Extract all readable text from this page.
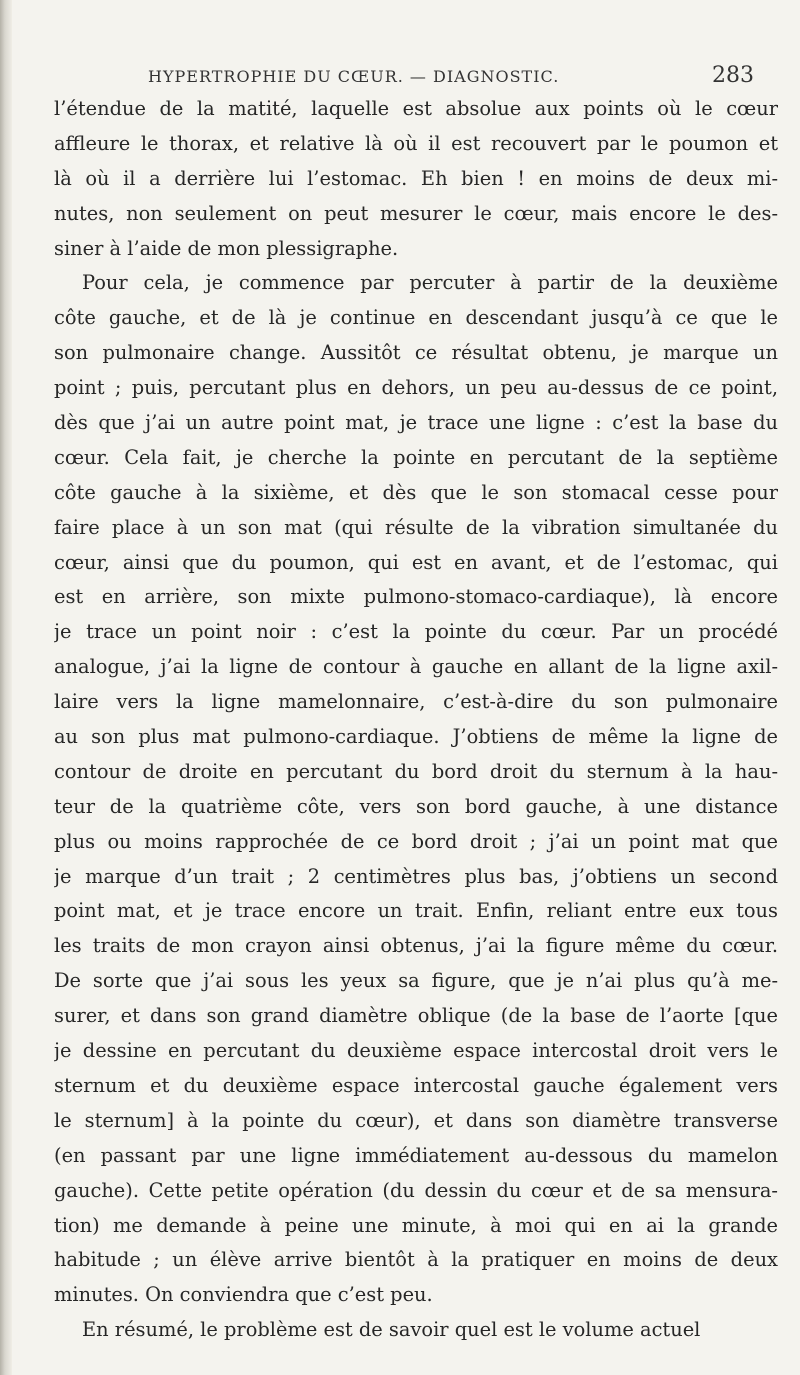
HYPERTROPHIE DU CŒUR. — DIAGNOSTIC.	283
l’étendue de la matité, laquelle est absolue aux points où le cœur
affleure le thorax, et relative là où il est recouvert par le poumon et
là où il a derrière lui l’estomac. Eh bien ! en moins de deux mi-
nutes, non seulement on peut mesurer le cœur, mais encore le des-
siner à l’aide de mon plessigraphe.
Pour cela, je commence par percuter à partir de la deuxième
côte gauche, et de là je continue en descendant jusqu’à ce que le
son pulmonaire change. Aussitôt ce résultat obtenu, je marque un
point ; puis, percutant plus en dehors, un peu au-dessus de ce point,
dès que j’ai un autre point mat, je trace une ligne : c’est la base du
cœur. Cela fait, je cherche la pointe en percutant de la septième
côte gauche à la sixième, et dès que le son stomacal cesse pour
faire place à un son mat (qui résulte de la vibration simultanée du
cœur, ainsi que du poumon, qui est en avant, et de l’estomac, qui
est en arrière, son mixte pulmono-stomaco-cardiaque), là encore
je trace un point noir : c’est la pointe du cœur. Par un procédé
analogue, j’ai la ligne de contour à gauche en allant de la ligne axil-
laire vers la ligne mamelonnaire, c’est-à-dire du son pulmonaire
au son plus mat pulmono-cardiaque. J’obtiens de même la ligne de
contour de droite en percutant du bord droit du sternum à la hau-
teur de la quatrième côte, vers son bord gauche, à une distance
plus ou moins rapprochée de ce bord droit ; j’ai un point mat que
je marque d’un trait ; 2 centimètres plus bas, j’obtiens un second
point mat, et je trace encore un trait. Enfin, reliant entre eux tous
les traits de mon crayon ainsi obtenus, j’ai la figure même du cœur.
De sorte que j’ai sous les yeux sa figure, que je n’ai plus qu’à me-
surer, et dans son grand diamètre oblique (de la base de l’aorte [que
je dessine en percutant du deuxième espace intercostal droit vers le
sternum et du deuxième espace intercostal gauche également vers
le sternum] à la pointe du cœur), et dans son diamètre transverse
(en passant par une ligne immédiatement au-dessous du mamelon
gauche). Cette petite opération (du dessin du cœur et de sa mensura-
tion) me demande à peine une minute, à moi qui en ai la grande
habitude ; un élève arrive bientôt à la pratiquer en moins de deux
minutes. On conviendra que c’est peu.
En résumé, le problème est de savoir quel est le volume actuel
